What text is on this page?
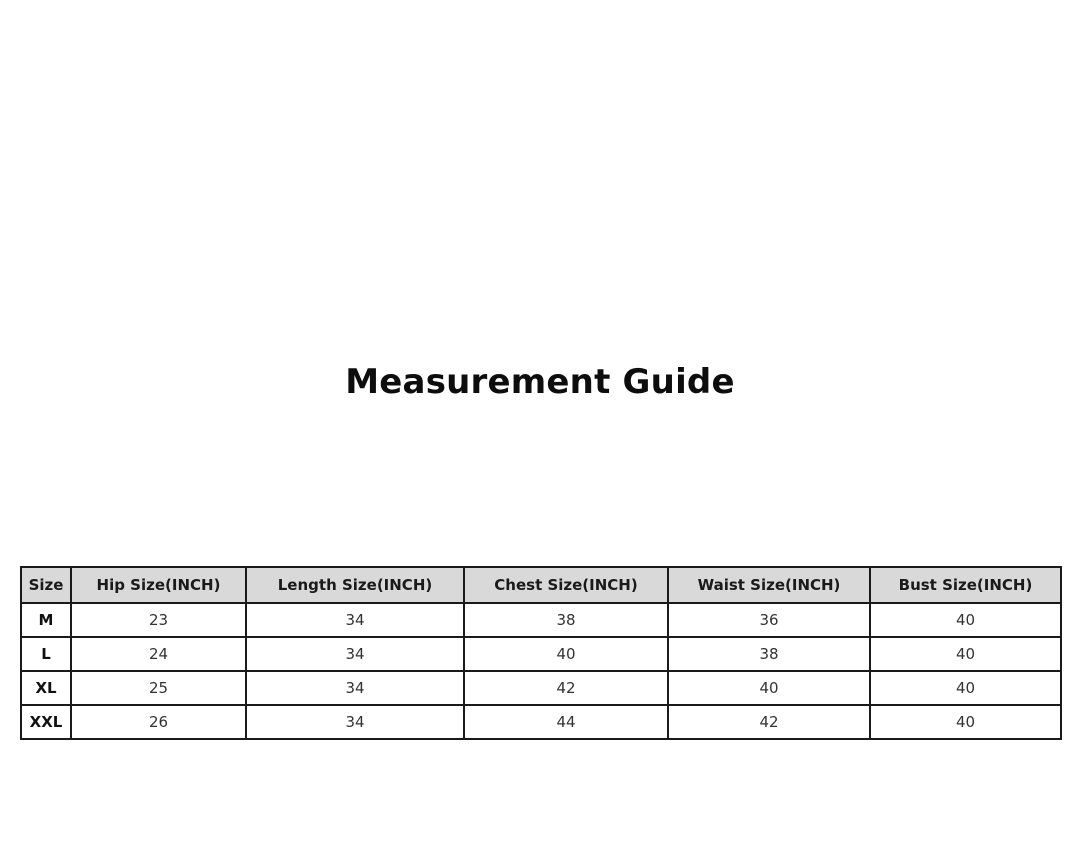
Measurement Guide
Size	Hip Size(INCH)	Length Size(INCH)	Chest Size(INCH)	Waist Size(INCH)	Bust Size(INCH)
M	23	34	38	36	40
L	24	34	40	38	40
XL	25	34	42	40	40
XXL	26	34	44	42	40
